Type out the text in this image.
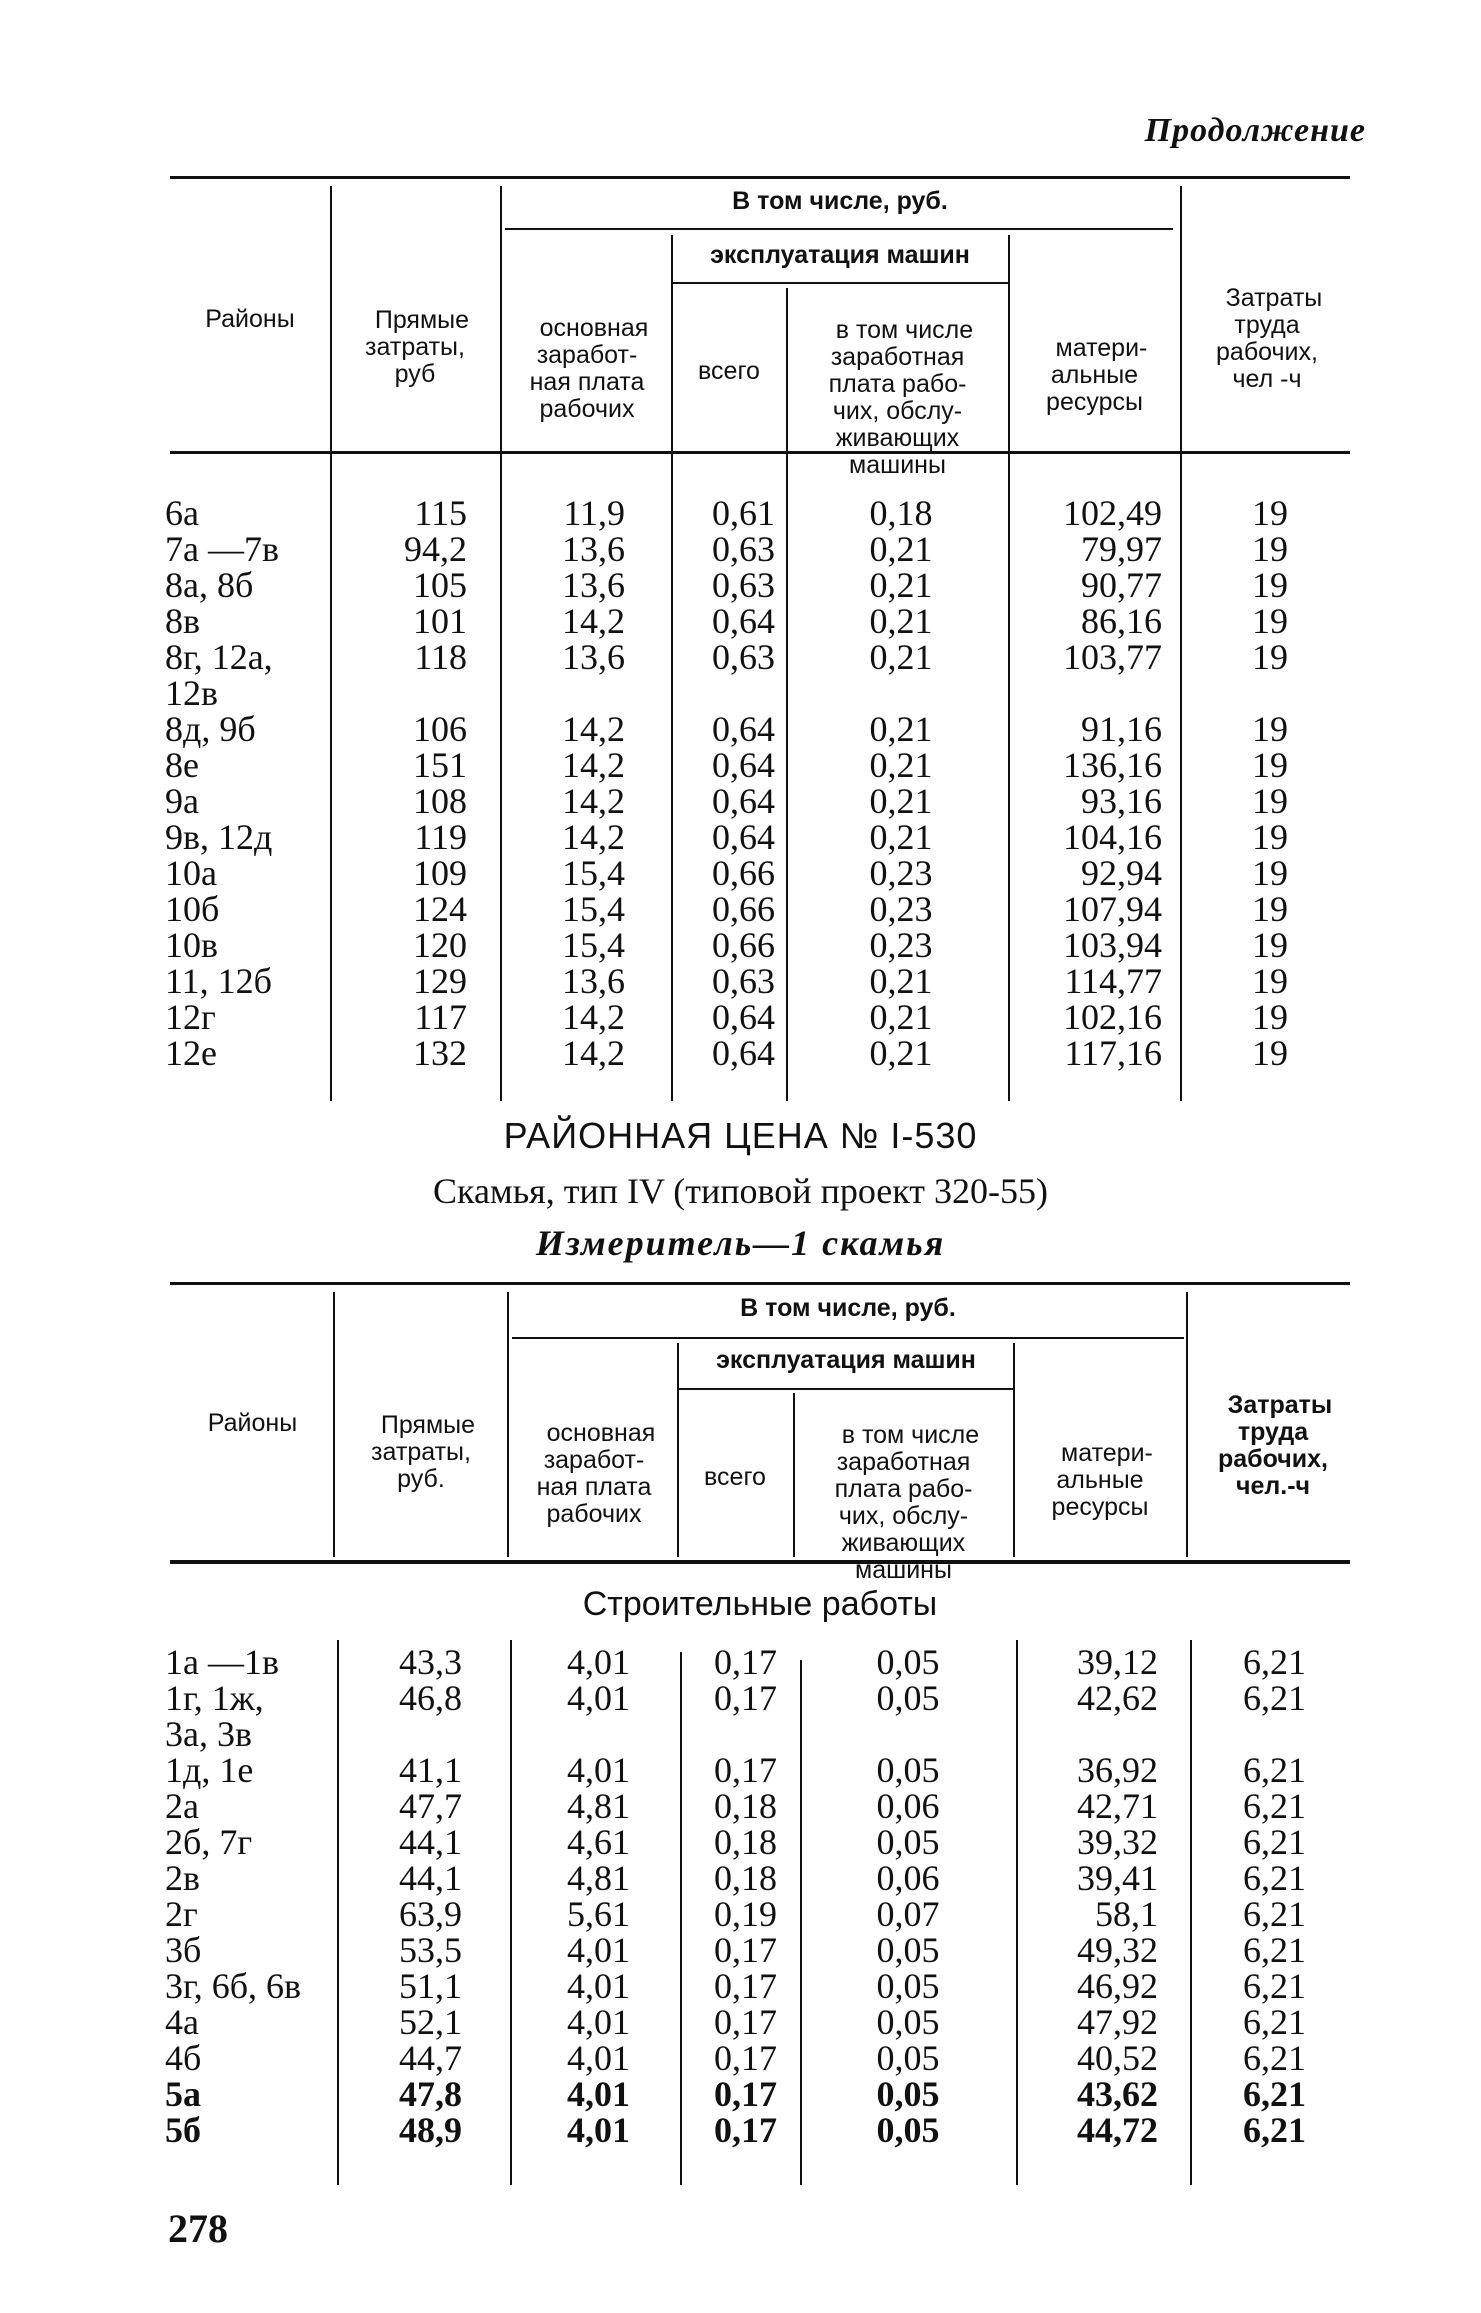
Продолжение
Районы	Прямые
затраты,
руб
В том числе, руб.
эксплуатация машин

основная
заработ-
ная плата
рабочих
всего

в том числе
заработная
плата рабо-
чих, обслу-
живающих
машины

матери-
альные
ресурсы

Затраты
труда
рабочих,
чел -ч
6а
7а —7в
8а, 8б
8в
8г, 12а,
12в
8д, 9б
8е
9а
9в, 12д
10а
10б
10в
11, 12б
12г
12е
115
94,2
105
101
118
106
151
108
119
109
124
120
129
117
132
11,9
13,6
13,6
14,2
13,6
14,2
14,2
14,2
14,2
15,4
15,4
15,4
13,6
14,2
14,2
0,61
0,63
0,63
0,64
0,63
0,64
0,64
0,64
0,64
0,66
0,66
0,66
0,63
0,64
0,64
0,18
0,21
0,21
0,21
0,21
0,21
0,21
0,21
0,21
0,23
0,23
0,23
0,21
0,21
0,21
102,49
79,97
90,77
86,16
103,77
91,16
136,16
93,16
104,16
92,94
107,94
103,94
114,77
102,16
117,16
19
19
19
19
19
19
19
19
19
19
19
19
19
19
19
РАЙОННАЯ ЦЕНА № I-530
Скамья, тип IV (типовой проект 320-55)
Измеритель—1 скамья
Районы	Прямые
затраты,
руб.
В том числе, руб.
эксплуатация машин

основная
заработ-
ная плата
рабочих
всего

в том числе
заработная
плата рабо-
чих, обслу-
живающих
машины

матери-
альные
ресурсы

Затраты
труда
рабочих,
чел.-ч
Строительные работы
1а —1в
1г, 1ж,
3а, 3в
1д, 1е
2а
2б, 7г
2в
2г
3б
3г, 6б, 6в
4а
4б
5а
5б
43,3
46,8
41,1
47,7
44,1
44,1
63,9
53,5
51,1
52,1
44,7
47,8
48,9
4,01
4,01
4,01
4,81
4,61
4,81
5,61
4,01
4,01
4,01
4,01
4,01
4,01
0,17
0,17
0,17
0,18
0,18
0,18
0,19
0,17
0,17
0,17
0,17
0,17
0,17
0,05
0,05
0,05
0,06
0,05
0,06
0,07
0,05
0,05
0,05
0,05
0,05
0,05
39,12
42,62
36,92
42,71
39,32
39,41
58,1
49,32
46,92
47,92
40,52
43,62
44,72
6,21
6,21
6,21
6,21
6,21
6,21
6,21
6,21
6,21
6,21
6,21
6,21
6,21
278
